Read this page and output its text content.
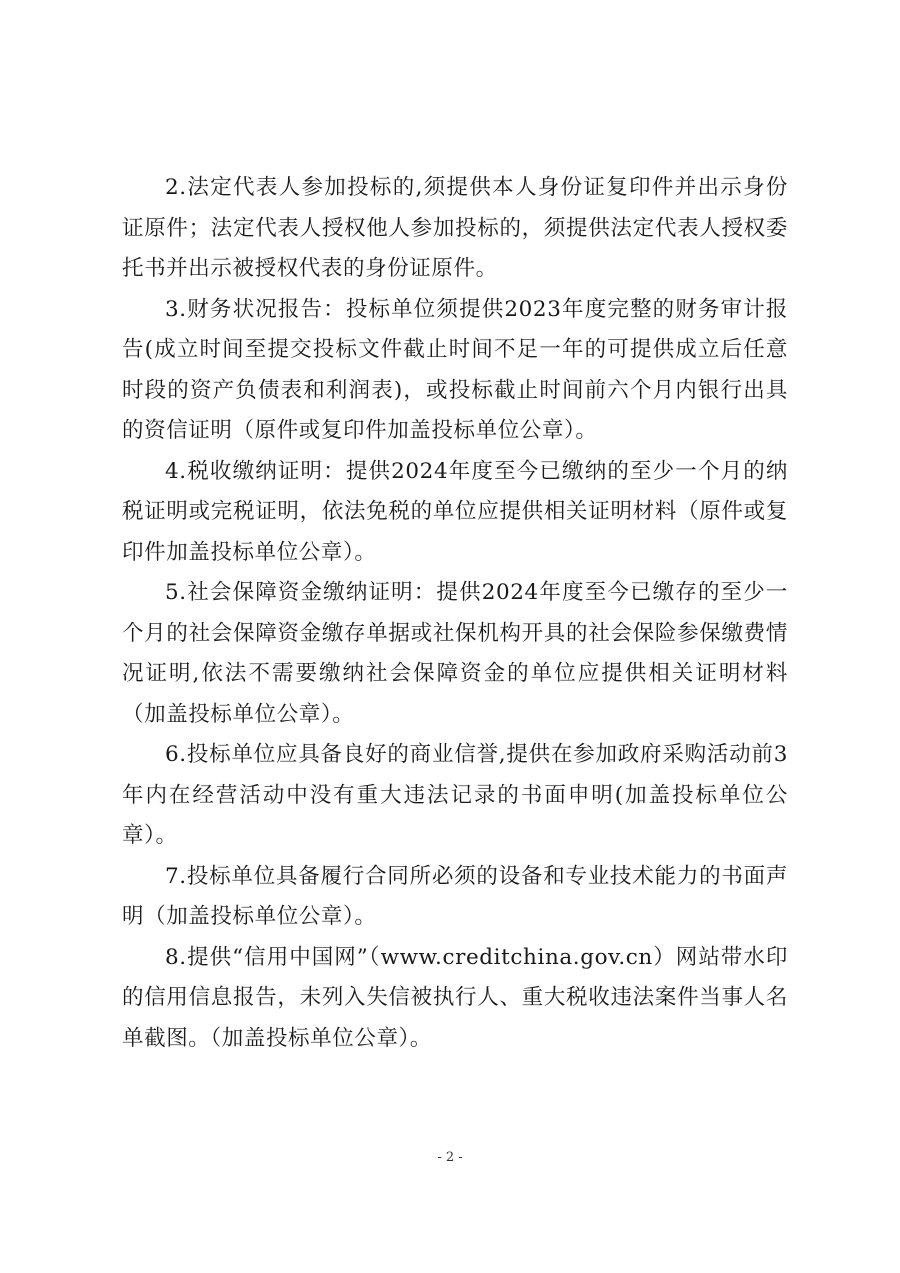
2.法定代表人参加投标的,须提供本人身份证复印件并出示身份证原件；法定代表人授权他人参加投标的，须提供法定代表人授权委托书并出示被授权代表的身份证原件。

3.财务状况报告：投标单位须提供2023年度完整的财务审计报告(成立时间至提交投标文件截止时间不足一年的可提供成立后任意时段的资产负债表和利润表)，或投标截止时间前六个月内银行出具的资信证明（原件或复印件加盖投标单位公章）。

4.税收缴纳证明：提供2024年度至今已缴纳的至少一个月的纳税证明或完税证明，依法免税的单位应提供相关证明材料（原件或复印件加盖投标单位公章）。

5.社会保障资金缴纳证明：提供2024年度至今已缴存的至少一个月的社会保障资金缴存单据或社保机构开具的社会保险参保缴费情况证明,依法不需要缴纳社会保障资金的单位应提供相关证明材料（加盖投标单位公章）。

6.投标单位应具备良好的商业信誉,提供在参加政府采购活动前3年内在经营活动中没有重大违法记录的书面申明(加盖投标单位公章）。

7.投标单位具备履行合同所必须的设备和专业技术能力的书面声明（加盖投标单位公章）。

8.提供“信用中国网”（www.creditchina.gov.cn）网站带水印的信用信息报告，未列入失信被执行人、重大税收违法案件当事人名单截图。（加盖投标单位公章）。

- 2 -
